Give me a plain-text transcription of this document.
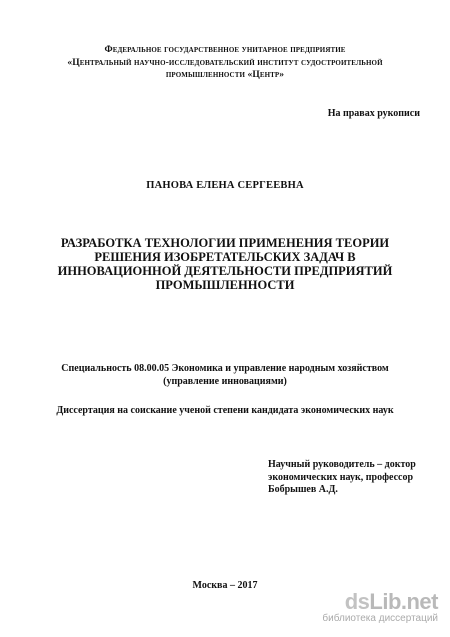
Федеральное государственное унитарное предприятие
«Центральный научно-исследовательский институт судостроительной
промышленности «Центр»
На правах рукописи
ПАНОВА ЕЛЕНА СЕРГЕЕВНА
РАЗРАБОТКА ТЕХНОЛОГИИ ПРИМЕНЕНИЯ ТЕОРИИ
РЕШЕНИЯ ИЗОБРЕТАТЕЛЬСКИХ ЗАДАЧ В
ИННОВАЦИОННОЙ ДЕЯТЕЛЬНОСТИ ПРЕДПРИЯТИЙ
ПРОМЫШЛЕННОСТИ
Специальность 08.00.05 Экономика и управление народным хозяйством
(управление инновациями)
Диссертация на соискание ученой степени кандидата экономических наук
Научный руководитель – доктор
экономических наук, профессор
Бобрышев А.Д.
Москва – 2017
dsLib.net
библиотека диссертаций
